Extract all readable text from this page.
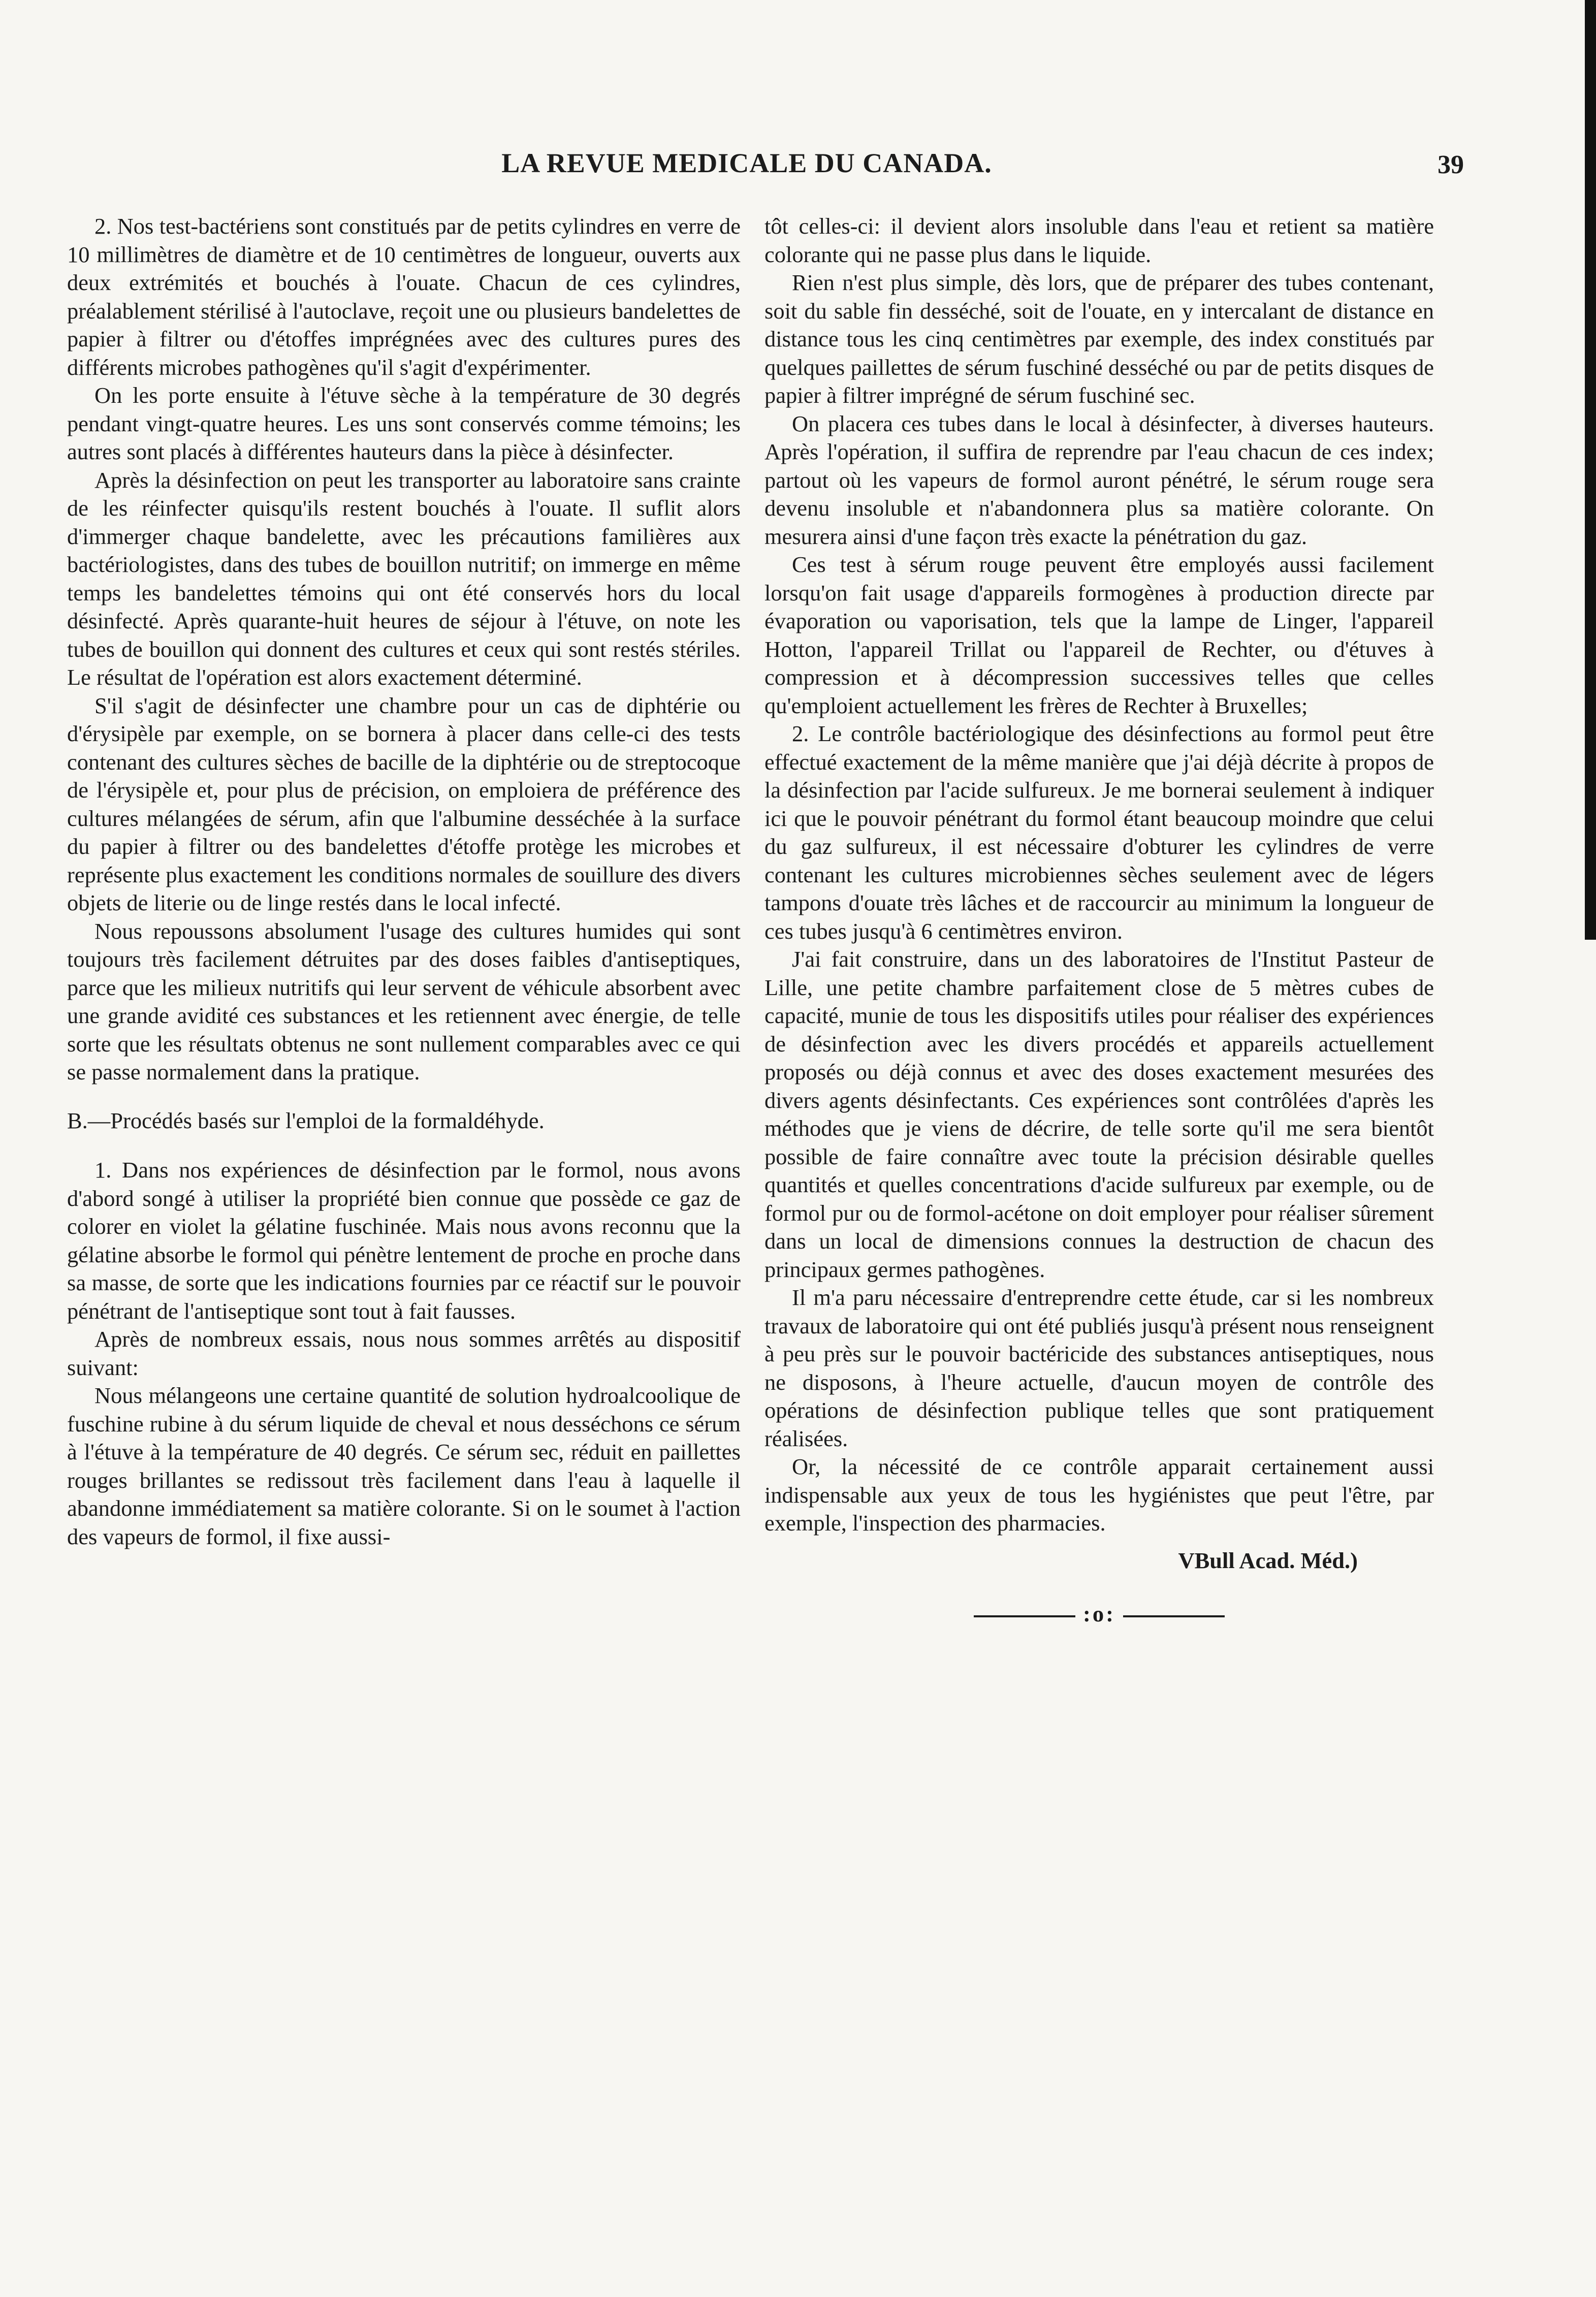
LA REVUE MEDICALE DU CANADA.	39

2. Nos test-bactériens sont constitués par de petits cylindres en verre de 10 millimètres de diamètre et de 10 centimètres de longueur, ouverts aux deux extrémités et bouchés à l'ouate. Chacun de ces cylindres, préalablement stérilisé à l'autoclave, reçoit une ou plusieurs bandelettes de papier à filtrer ou d'étoffes imprégnées avec des cultures pures des différents microbes pathogènes qu'il s'agit d'expérimenter.

On les porte ensuite à l'étuve sèche à la température de 30 degrés pendant vingt-quatre heures. Les uns sont conservés comme témoins; les autres sont placés à différentes hauteurs dans la pièce à désinfecter.

Après la désinfection on peut les transporter au laboratoire sans crainte de les réinfecter quisqu'ils restent bouchés à l'ouate. Il suflit alors d'immerger chaque bandelette, avec les précautions familières aux bactériologistes, dans des tubes de bouillon nutritif; on immerge en même temps les bandelettes témoins qui ont été conservés hors du local désinfecté. Après quarante-huit heures de séjour à l'étuve, on note les tubes de bouillon qui donnent des cultures et ceux qui sont restés stériles. Le résultat de l'opération est alors exactement déterminé.

S'il s'agit de désinfecter une chambre pour un cas de diphtérie ou d'érysipèle par exemple, on se bornera à placer dans celle-ci des tests contenant des cultures sèches de bacille de la diphtérie ou de streptocoque de l'érysipèle et, pour plus de précision, on emploiera de préférence des cultures mélangées de sérum, afin que l'albumine desséchée à la surface du papier à filtrer ou des bandelettes d'étoffe protège les microbes et représente plus exactement les conditions normales de souillure des divers objets de literie ou de linge restés dans le local infecté.

Nous repoussons absolument l'usage des cultures humides qui sont toujours très facilement détruites par des doses faibles d'antiseptiques, parce que les milieux nutritifs qui leur servent de véhicule absorbent avec une grande avidité ces substances et les retiennent avec énergie, de telle sorte que les résultats obtenus ne sont nullement comparables avec ce qui se passe normalement dans la pratique.

B.—Procédés basés sur l'emploi de la formaldéhyde.

1. Dans nos expériences de désinfection par le formol, nous avons d'abord songé à utiliser la propriété bien connue que possède ce gaz de colorer en violet la gélatine fuschinée. Mais nous avons reconnu que la gélatine absorbe le formol qui pénètre lentement de proche en proche dans sa masse, de sorte que les indications fournies par ce réactif sur le pouvoir pénétrant de l'antiseptique sont tout à fait fausses.

Après de nombreux essais, nous nous sommes arrêtés au dispositif suivant:

Nous mélangeons une certaine quantité de solution hydroalcoolique de fuschine rubine à du sérum liquide de cheval et nous desséchons ce sérum à l'étuve à la température de 40 degrés. Ce sérum sec, réduit en paillettes rouges brillantes se redissout très facilement dans l'eau à laquelle il abandonne immédiatement sa matière colorante. Si on le soumet à l'action des vapeurs de formol, il fixe aussi-

tôt celles-ci: il devient alors insoluble dans l'eau et retient sa matière colorante qui ne passe plus dans le liquide.

Rien n'est plus simple, dès lors, que de préparer des tubes contenant, soit du sable fin desséché, soit de l'ouate, en y intercalant de distance en distance tous les cinq centimètres par exemple, des index constitués par quelques paillettes de sérum fuschiné desséché ou par de petits disques de papier à filtrer imprégné de sérum fuschiné sec.

On placera ces tubes dans le local à désinfecter, à diverses hauteurs. Après l'opération, il suffira de reprendre par l'eau chacun de ces index; partout où les vapeurs de formol auront pénétré, le sérum rouge sera devenu insoluble et n'abandonnera plus sa matière colorante. On mesurera ainsi d'une façon très exacte la pénétration du gaz.

Ces test à sérum rouge peuvent être employés aussi facilement lorsqu'on fait usage d'appareils formogènes à production directe par évaporation ou vaporisation, tels que la lampe de Linger, l'appareil Hotton, l'appareil Trillat ou l'appareil de Rechter, ou d'étuves à compression et à décompression successives telles que celles qu'emploient actuellement les frères de Rechter à Bruxelles;

2. Le contrôle bactériologique des désinfections au formol peut être effectué exactement de la même manière que j'ai déjà décrite à propos de la désinfection par l'acide sulfureux. Je me bornerai seulement à indiquer ici que le pouvoir pénétrant du formol étant beaucoup moindre que celui du gaz sulfureux, il est nécessaire d'obturer les cylindres de verre contenant les cultures microbiennes sèches seulement avec de légers tampons d'ouate très lâches et de raccourcir au minimum la longueur de ces tubes jusqu'à 6 centimètres environ.

J'ai fait construire, dans un des laboratoires de l'Institut Pasteur de Lille, une petite chambre parfaitement close de 5 mètres cubes de capacité, munie de tous les dispositifs utiles pour réaliser des expériences de désinfection avec les divers procédés et appareils actuellement proposés ou déjà connus et avec des doses exactement mesurées des divers agents désinfectants. Ces expériences sont contrôlées d'après les méthodes que je viens de décrire, de telle sorte qu'il me sera bientôt possible de faire connaître avec toute la précision désirable quelles quantités et quelles concentrations d'acide sulfureux par exemple, ou de formol pur ou de formol-acétone on doit employer pour réaliser sûrement dans un local de dimensions connues la destruction de chacun des principaux germes pathogènes.

Il m'a paru nécessaire d'entreprendre cette étude, car si les nombreux travaux de laboratoire qui ont été publiés jusqu'à présent nous renseignent à peu près sur le pouvoir bactéricide des substances antiseptiques, nous ne disposons, à l'heure actuelle, d'aucun moyen de contrôle des opérations de désinfection publique telles que sont pratiquement réalisées.

Or, la nécessité de ce contrôle apparait certainement aussi indispensable aux yeux de tous les hygiénistes que peut l'être, par exemple, l'inspection des pharmacies.

VBull Acad. Méd.)

:o:
